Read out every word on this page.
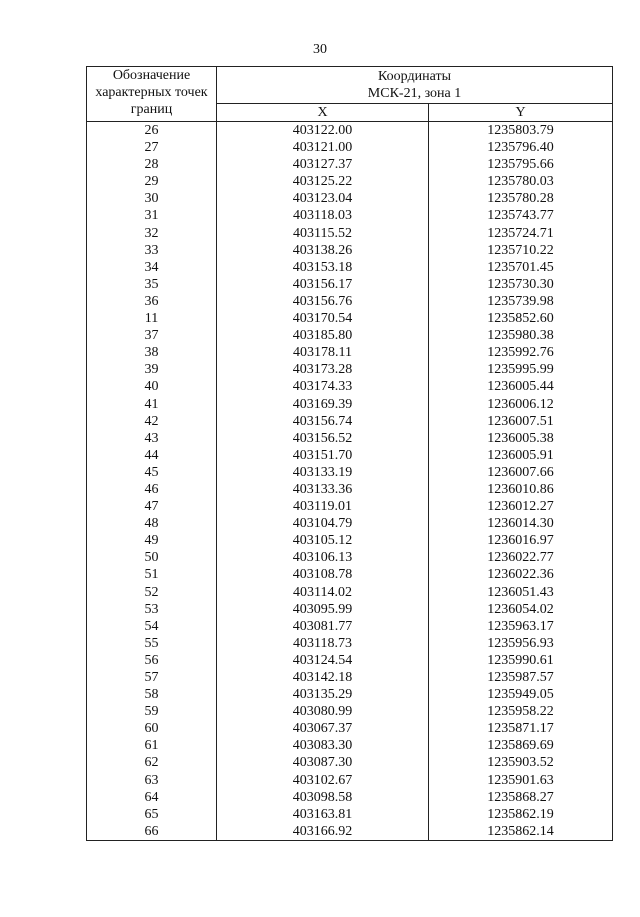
30
Обозначение характерных точек границ	Координаты
МСК-21, зона 1	

	X	Y
26	403122.00	1235803.79
27	403121.00	1235796.40
28	403127.37	1235795.66
29	403125.22	1235780.03
30	403123.04	1235780.28
31	403118.03	1235743.77
32	403115.52	1235724.71
33	403138.26	1235710.22
34	403153.18	1235701.45
35	403156.17	1235730.30
36	403156.76	1235739.98
11	403170.54	1235852.60
37	403185.80	1235980.38
38	403178.11	1235992.76
39	403173.28	1235995.99
40	403174.33	1236005.44
41	403169.39	1236006.12
42	403156.74	1236007.51
43	403156.52	1236005.38
44	403151.70	1236005.91
45	403133.19	1236007.66
46	403133.36	1236010.86
47	403119.01	1236012.27
48	403104.79	1236014.30
49	403105.12	1236016.97
50	403106.13	1236022.77
51	403108.78	1236022.36
52	403114.02	1236051.43
53	403095.99	1236054.02
54	403081.77	1235963.17
55	403118.73	1235956.93
56	403124.54	1235990.61
57	403142.18	1235987.57
58	403135.29	1235949.05
59	403080.99	1235958.22
60	403067.37	1235871.17
61	403083.30	1235869.69
62	403087.30	1235903.52
63	403102.67	1235901.63
64	403098.58	1235868.27
65	403163.81	1235862.19
66	403166.92	1235862.14
